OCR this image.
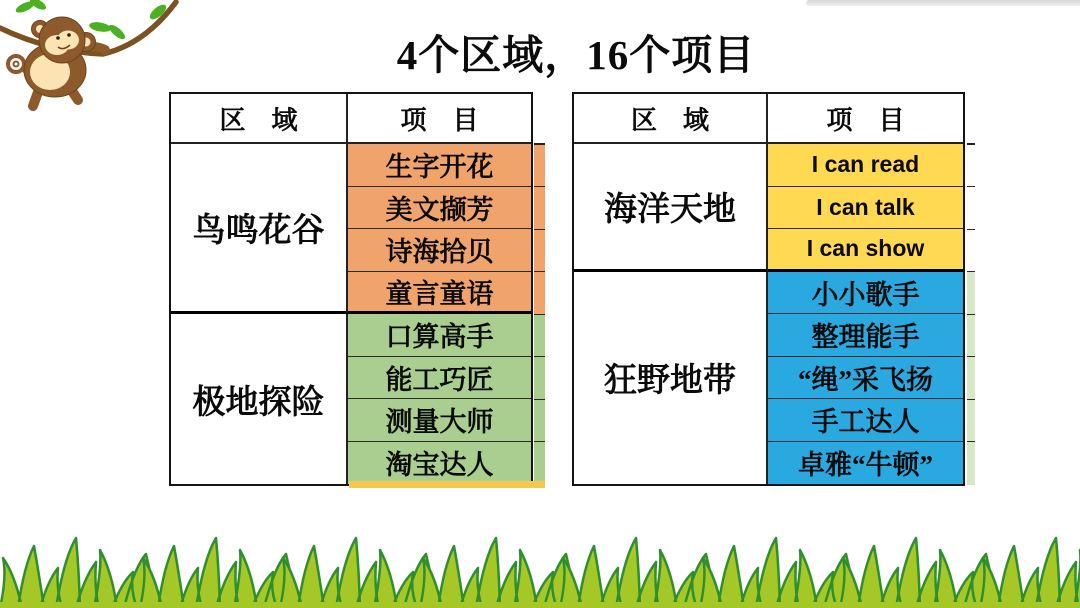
4个区域，16个项目
区　域	项　目
鸟鸣花谷
生字开花
美文撷芳
诗海拾贝
童言童语
极地探险
口算高手
能工巧匠
测量大师
淘宝达人
区　域	项　目
海洋天地
I can read
I can talk
I can show
狂野地带
小小歌手
整理能手
“绳”采飞扬
手工达人
卓雅“牛顿”
